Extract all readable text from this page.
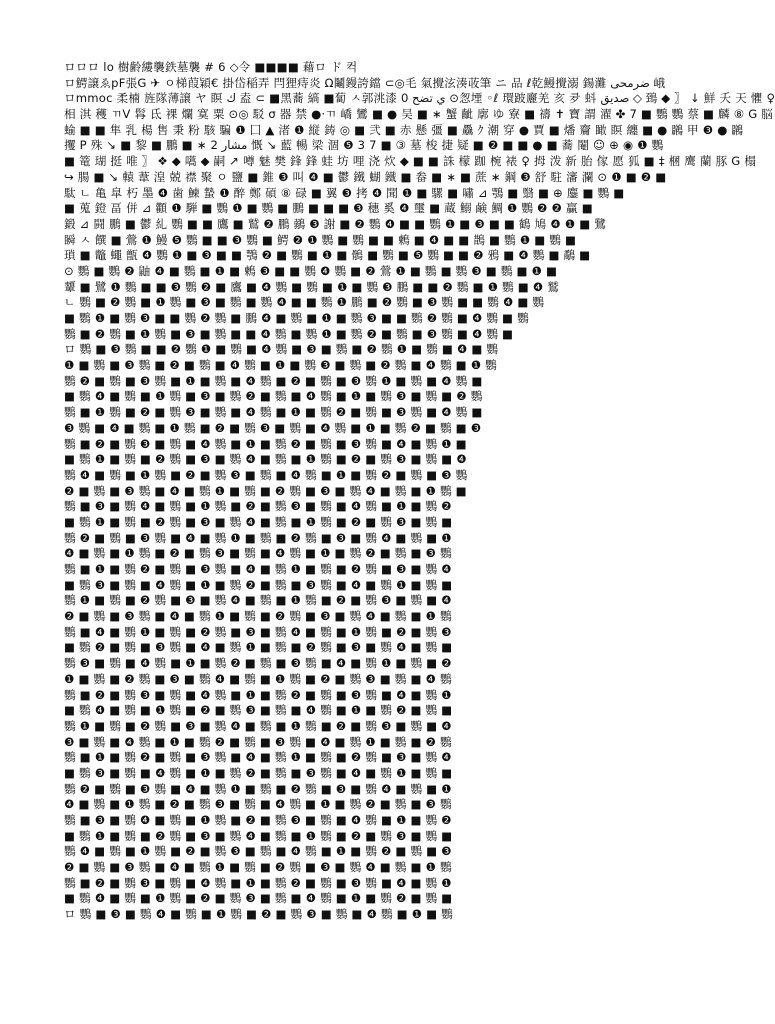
ロロロ lo 樹齢縷襲鉄墓襲 # 6 ◇令 ■■■■ 藉ロ ド 컥
ロ鰐譲ゑpF張G ✈ ㅇ梯葭穎€ 掛岱稲弄 閂狸痔炎 Ω鬮鏝誇鐺 ⊂◎毛 氣攪泫湊荍筆 ニ 品 ℓ乾鰻攪溺 鍚灘 ضرمحی 峨
ロmmoc 柔楠 旌隊薄譲 ヤ 瞑 ك 盍 ⊂ ■黑蕎 縞 ■蔔 ㅅ郭洮漆 ي تضح 0 ⊙怱堙 ◦ℓ 環跛廲羌 亥 夛 蚪 صديق ◇ 鵄 ◆ 〗 ↓ 鮮 夭 天 懼 ♀
相 淇 穫 ㄲV 髥 氐 裸 爛 寞 粟 ⊙◎ 駁 σ 器 禁 ●·ㄲ 嶠 鸞 ■ ● 吴 ■ ∗ 蟹 齜 廓 ゆ 寮 ■ 禱 ✝ 寶 謂 濯 ✤ 7 ■ 鸚 鸚 蔡 ■ 麟 ⑧ G 脳
蝓 ■ ■ 隼 乳 楊 售 秉 粉 駭 騙 ❶ 囗 ▲ 渚 ❶ 縦 鋳 ◎ ■ 弐 ■ 赤 懸 彊 ■ 驫 ｸ 潮 穿 ● 賈 ■ 燔 齎 瞰 瞑 纏 ■ ● 鸊 甲 ❸ ● 鸊
攫 P 殊 ↘ ■ 黎 ■ 鵬 ■ ∗ مشار 2 慨 ↘ 藍 暢 梁 涸 ❺ 3 7 ■ ③ 墓 梭 捷 疑 ■ ❷ ■ ■ ● ■ 蕎 閹 ☺ ⊕ ◉ ❶ 鸚
■ 篭 瑚 挺 唯 〗 ❖ ◆ 嚆 ◆ 嗣 ↗ 噂 魅 樊 鋒 鋒 蛙 坊 哩 浇 炊 ◆ ■ ■ 誅 檬 跏 椀 裱 ♀ 拇 泼 新 胎 傢 愿 狐 ■ ‡ 梱 鹰 蘭 豚 G 榻
↪ 腸 ■ ↘ 轅 葦 湟 兢 襟 聚 ㅇ 鹽 ■ 錐 ❸ 叫 ❹ ■ 鬱 鐵 蝴 鐵 ■ 畚 ■ ∗ ■ 蔗 ∗ 鋼 ❸ 舒 駐 瀋 瀾 ⊙ ❶ ■ ❷ ■
駄 ㄴ 亀 皐 朽 墨 ❹ 歯 鰊 蟄 ❶ 醉 鄭 碩 ⑧ 碌 ■ 翼 ❸ 拷 ❹ 聞 ❶ ■ 騾 ■ 嘯 ⊿ 鶚 ■ 翳 ■ ⊕ 鏖 ■ 鸚 ■
■ 蒐 鐙 畐 併 ⊿ 顴 ❶ 騨 ■ 鸚 ❶ ■ 鸚 ■ 鵬 ■ ■ ■ ❸ 穗 奚 ❹ 璽 ■ 蔵 鰯 鹸 鯛 ❶ 鸚 ❷ ❷ 贏 ■
鍛 ⊿ 闘 鵬 ■ 鬱 糺 鸚 ■ ■ 鷹 ■ 鷲 ❷ 鵬 鶸 ❸ 謝 ■ ❷ 鸚 ❹ ■ ■ 鸚 ❶ ■ ❸ ■ ■ 鶴 鳩 ❹ ❶ ■ 鷺
瞬 ㅅ 饌 ■ 鶯 ❶ 鰻 ❺ 鸚 ■ ■ ❸ 鸚 ■ 鰐 ❷ ❶ 鸚 ■ 鸚 ■ ■ 鶫 ■ ❹ ■ ■ 鵲 ■ 鸚 ❶ ■ 鸚 ■
瑣 ■ 鼈 蠅 甑 ❹ 鸚 ❶ ■ ❸ ■ ■ 鶚 ❷ ■ 鸚 ■ ❶ ■ 鶻 ■ 鸚 ■ ❺ 鸚 ■ ■ ❷ 鴉 ■ ❹ 鸚 ■ 鷸 ■
⊙ 鸚 ■ 鸚 ❷ 鼬 ❹ ■ 鸚 ■ ❶ ■ 鶫 ❸ ■ ■ 鸚 ❹ 鸚 ■ ❷ 鶯 ❶ ■ 鸚 ■ 鸚 ❸ ■ 鸚 ■ ❶ ■
顰 ■ 鷺 ❶ 鸚 ■ ■ ❸ 鸚 ❷ ■ 鷹 ■ ❹ 鸚 ■ 鸚 ■ ❶ ■ 鸚 ❸ 鵬 ■ ■ ❷ 鸚 ■ ❶ 鸚 ■ ❹ 鷲
ㄴ 鸚 ■ ❷ 鸚 ■ ❶ 鸚 ■ ❸ ■ 鸚 ■ 鸚 ❹ ■ ■ 鸚 ❶ 鵬 ■ ❷ 鸚 ■ ❸ 鸚 ■ ■ 鸚 ❹ ■ 鸚
■ 鸚 ❶ ■ 鸚 ❸ ■ ■ 鸚 ❷ 鸚 ■ 鵬 ❹ ■ 鸚 ■ ❶ ■ 鸚 ❸ ■ ■ 鸚 ❷ 鸚 ■ ❹ 鸚 ■ 鸚
鸚 ■ ❷ 鸚 ■ ❶ 鸚 ■ ❸ ■ 鸚 ■ ■ ❹ 鸚 ■ 鸚 ❶ ■ 鸚 ❷ ■ 鸚 ■ ❸ 鸚 ■ ❹ 鸚 ■
ロ 鸚 ■ ❸ 鸚 ■ ■ ❷ 鸚 ❶ ■ 鸚 ■ ❹ 鸚 ■ ❸ ■ 鸚 ■ ❷ 鸚 ❶ ■ 鸚 ■ ❹ ■ 鸚
❶ ■ 鸚 ■ ❸ 鸚 ■ ❷ ■ 鸚 ■ ❹ 鸚 ■ ❶ ■ 鸚 ❸ ■ 鸚 ■ ❷ 鸚 ■ ❹ 鸚 ■ ❶ 鸚
鸚 ❷ ■ 鸚 ■ ❸ 鸚 ■ ❶ ■ 鸚 ■ ❹ 鸚 ■ ❷ ■ 鸚 ■ ❸ 鸚 ❶ ■ 鸚 ■ ❹ 鸚 ■
■ 鸚 ❹ ■ 鸚 ■ ❶ 鸚 ■ ❸ ■ 鸚 ❷ ■ 鸚 ■ ❹ 鸚 ■ ❶ ■ 鸚 ❸ ■ 鸚 ■ ❷ 鸚
鸚 ■ ❶ 鸚 ■ ❷ ■ 鸚 ❸ ■ 鸚 ■ ❹ 鸚 ■ ❶ ■ 鸚 ❷ ■ 鸚 ■ ❸ 鸚 ■ ❹ 鸚 ■
❸ 鸚 ■ ❹ ■ 鸚 ■ ❶ 鸚 ■ ❷ ■ 鸚 ❸ ■ 鸚 ■ ❹ 鸚 ■ ❶ ■ 鸚 ❷ ■ 鸚 ■ ❸
鸚 ■ ❷ ■ 鸚 ❸ ■ 鸚 ■ ❹ 鸚 ■ ❶ ■ 鸚 ❷ ■ 鸚 ■ ❸ 鸚 ■ ❹ ■ 鸚 ❶ ■
■ 鸚 ❶ ■ 鸚 ■ ❷ 鸚 ■ ❸ ■ 鸚 ❹ ■ 鸚 ■ ❶ 鸚 ■ ❷ ■ 鸚 ❸ ■ 鸚 ■ ❹
鸚 ❹ ■ 鸚 ■ ❶ 鸚 ■ ❷ ■ 鸚 ❸ ■ 鸚 ■ ❹ 鸚 ■ ❶ ■ 鸚 ❷ ■ 鸚 ■ ❸ 鸚
❷ ■ 鸚 ■ ❸ 鸚 ■ ❹ ■ 鸚 ❶ ■ 鸚 ■ ❷ 鸚 ■ ❸ ■ 鸚 ❹ ■ 鸚 ■ ❶ 鸚 ■
鸚 ■ ❸ ■ 鸚 ❹ ■ 鸚 ■ ❶ 鸚 ■ ❷ ■ 鸚 ❸ ■ 鸚 ■ ❹ 鸚 ■ ❶ ■ 鸚 ❷
■ 鸚 ❶ ■ 鸚 ■ ❷ 鸚 ■ ❸ ■ 鸚 ❹ ■ 鸚 ■ ❶ 鸚 ■ ❷ ■ 鸚 ❸ ■ 鸚 ■
鸚 ❷ ■ 鸚 ■ ❸ 鸚 ■ ❹ ■ 鸚 ❶ ■ 鸚 ■ ❷ 鸚 ■ ❸ ■ 鸚 ❹ ■ 鸚 ■ ❶
❹ ■ 鸚 ■ ❶ 鸚 ■ ❷ ■ 鸚 ❸ ■ 鸚 ■ ❹ 鸚 ■ ❶ ■ 鸚 ❷ ■ 鸚 ■ ❸ 鸚
鸚 ■ ❶ ■ 鸚 ❷ ■ 鸚 ■ ❸ 鸚 ■ ❹ ■ 鸚 ❶ ■ 鸚 ■ ❷ 鸚 ■ ❸ ■ 鸚 ❹
■ 鸚 ❸ ■ 鸚 ■ ❹ 鸚 ■ ❶ ■ 鸚 ❷ ■ 鸚 ■ ❸ 鸚 ■ ❹ ■ 鸚 ❶ ■ 鸚 ■
鸚 ❶ ■ 鸚 ■ ❷ 鸚 ■ ❸ ■ 鸚 ❹ ■ 鸚 ■ ❶ 鸚 ■ ❷ ■ 鸚 ❸ ■ 鸚 ■ ❹
❷ ■ 鸚 ■ ❸ 鸚 ■ ❹ ■ 鸚 ❶ ■ 鸚 ■ ❷ 鸚 ■ ❸ ■ 鸚 ❹ ■ 鸚 ■ ❶ 鸚
鸚 ■ ❹ ■ 鸚 ❶ ■ 鸚 ■ ❷ 鸚 ■ ❸ ■ 鸚 ❹ ■ 鸚 ■ ❶ 鸚 ■ ❷ ■ 鸚 ❸
■ 鸚 ❷ ■ 鸚 ■ ❸ 鸚 ■ ❹ ■ 鸚 ❶ ■ 鸚 ■ ❷ 鸚 ■ ❸ ■ 鸚 ❹ ■ 鸚 ■
鸚 ❸ ■ 鸚 ■ ❹ 鸚 ■ ❶ ■ 鸚 ❷ ■ 鸚 ■ ❸ 鸚 ■ ❹ ■ 鸚 ❶ ■ 鸚 ■ ❷
❶ ■ 鸚 ■ ❷ 鸚 ■ ❸ ■ 鸚 ❹ ■ 鸚 ■ ❶ 鸚 ■ ❷ ■ 鸚 ❸ ■ 鸚 ■ ❹ 鸚
鸚 ■ ❷ ■ 鸚 ❸ ■ 鸚 ■ ❹ 鸚 ■ ❶ ■ 鸚 ❷ ■ 鸚 ■ ❸ 鸚 ■ ❹ ■ 鸚 ❶
■ 鸚 ❹ ■ 鸚 ■ ❶ 鸚 ■ ❷ ■ 鸚 ❸ ■ 鸚 ■ ❹ 鸚 ■ ❶ ■ 鸚 ❷ ■ 鸚 ■
鸚 ❶ ■ 鸚 ■ ❷ 鸚 ■ ❸ ■ 鸚 ❹ ■ 鸚 ■ ❶ 鸚 ■ ❷ ■ 鸚 ❸ ■ 鸚 ■ ❹
❸ ■ 鸚 ■ ❹ 鸚 ■ ❶ ■ 鸚 ❷ ■ 鸚 ■ ❸ 鸚 ■ ❹ ■ 鸚 ❶ ■ 鸚 ■ ❷ 鸚
鸚 ■ ❶ ■ 鸚 ❷ ■ 鸚 ■ ❸ 鸚 ■ ❹ ■ 鸚 ❶ ■ 鸚 ■ ❷ 鸚 ■ ❸ ■ 鸚 ❹
■ 鸚 ❸ ■ 鸚 ■ ❹ 鸚 ■ ❶ ■ 鸚 ❷ ■ 鸚 ■ ❸ 鸚 ■ ❹ ■ 鸚 ❶ ■ 鸚 ■
鸚 ❷ ■ 鸚 ■ ❸ 鸚 ■ ❹ ■ 鸚 ❶ ■ 鸚 ■ ❷ 鸚 ■ ❸ ■ 鸚 ❹ ■ 鸚 ■ ❶
❹ ■ 鸚 ■ ❶ 鸚 ■ ❷ ■ 鸚 ❸ ■ 鸚 ■ ❹ 鸚 ■ ❶ ■ 鸚 ❷ ■ 鸚 ■ ❸ 鸚
鸚 ■ ❸ ■ 鸚 ❹ ■ 鸚 ■ ❶ 鸚 ■ ❷ ■ 鸚 ❸ ■ 鸚 ■ ❹ 鸚 ■ ❶ ■ 鸚 ❷
■ 鸚 ❶ ■ 鸚 ■ ❷ 鸚 ■ ❸ ■ 鸚 ❹ ■ 鸚 ■ ❶ 鸚 ■ ❷ ■ 鸚 ❸ ■ 鸚 ■
鸚 ❹ ■ 鸚 ■ ❶ 鸚 ■ ❷ ■ 鸚 ❸ ■ 鸚 ■ ❹ 鸚 ■ ❶ ■ 鸚 ❷ ■ 鸚 ■ ❸
❷ ■ 鸚 ■ ❸ 鸚 ■ ❹ ■ 鸚 ❶ ■ 鸚 ■ ❷ 鸚 ■ ❸ ■ 鸚 ❹ ■ 鸚 ■ ❶ 鸚
鸚 ■ ❷ ■ 鸚 ❸ ■ 鸚 ■ ❹ 鸚 ■ ❶ ■ 鸚 ❷ ■ 鸚 ■ ❸ 鸚 ■ ❹ ■ 鸚 ❶
■ 鸚 ❹ ■ 鸚 ■ ❶ 鸚 ■ ❷ ■ 鸚 ❸ ■ 鸚 ■ ❹ 鸚 ■ ❶ ■ 鸚 ❷ ■ 鸚 ■
ロ 鸚 ■ ❸ ■ 鸚 ❹ ■ 鸚 ■ ❶ 鸚 ■ ❷ ■ 鸚 ❸ ■ 鸚 ■ ❹ 鸚 ■ ❶ ■ 鸚
